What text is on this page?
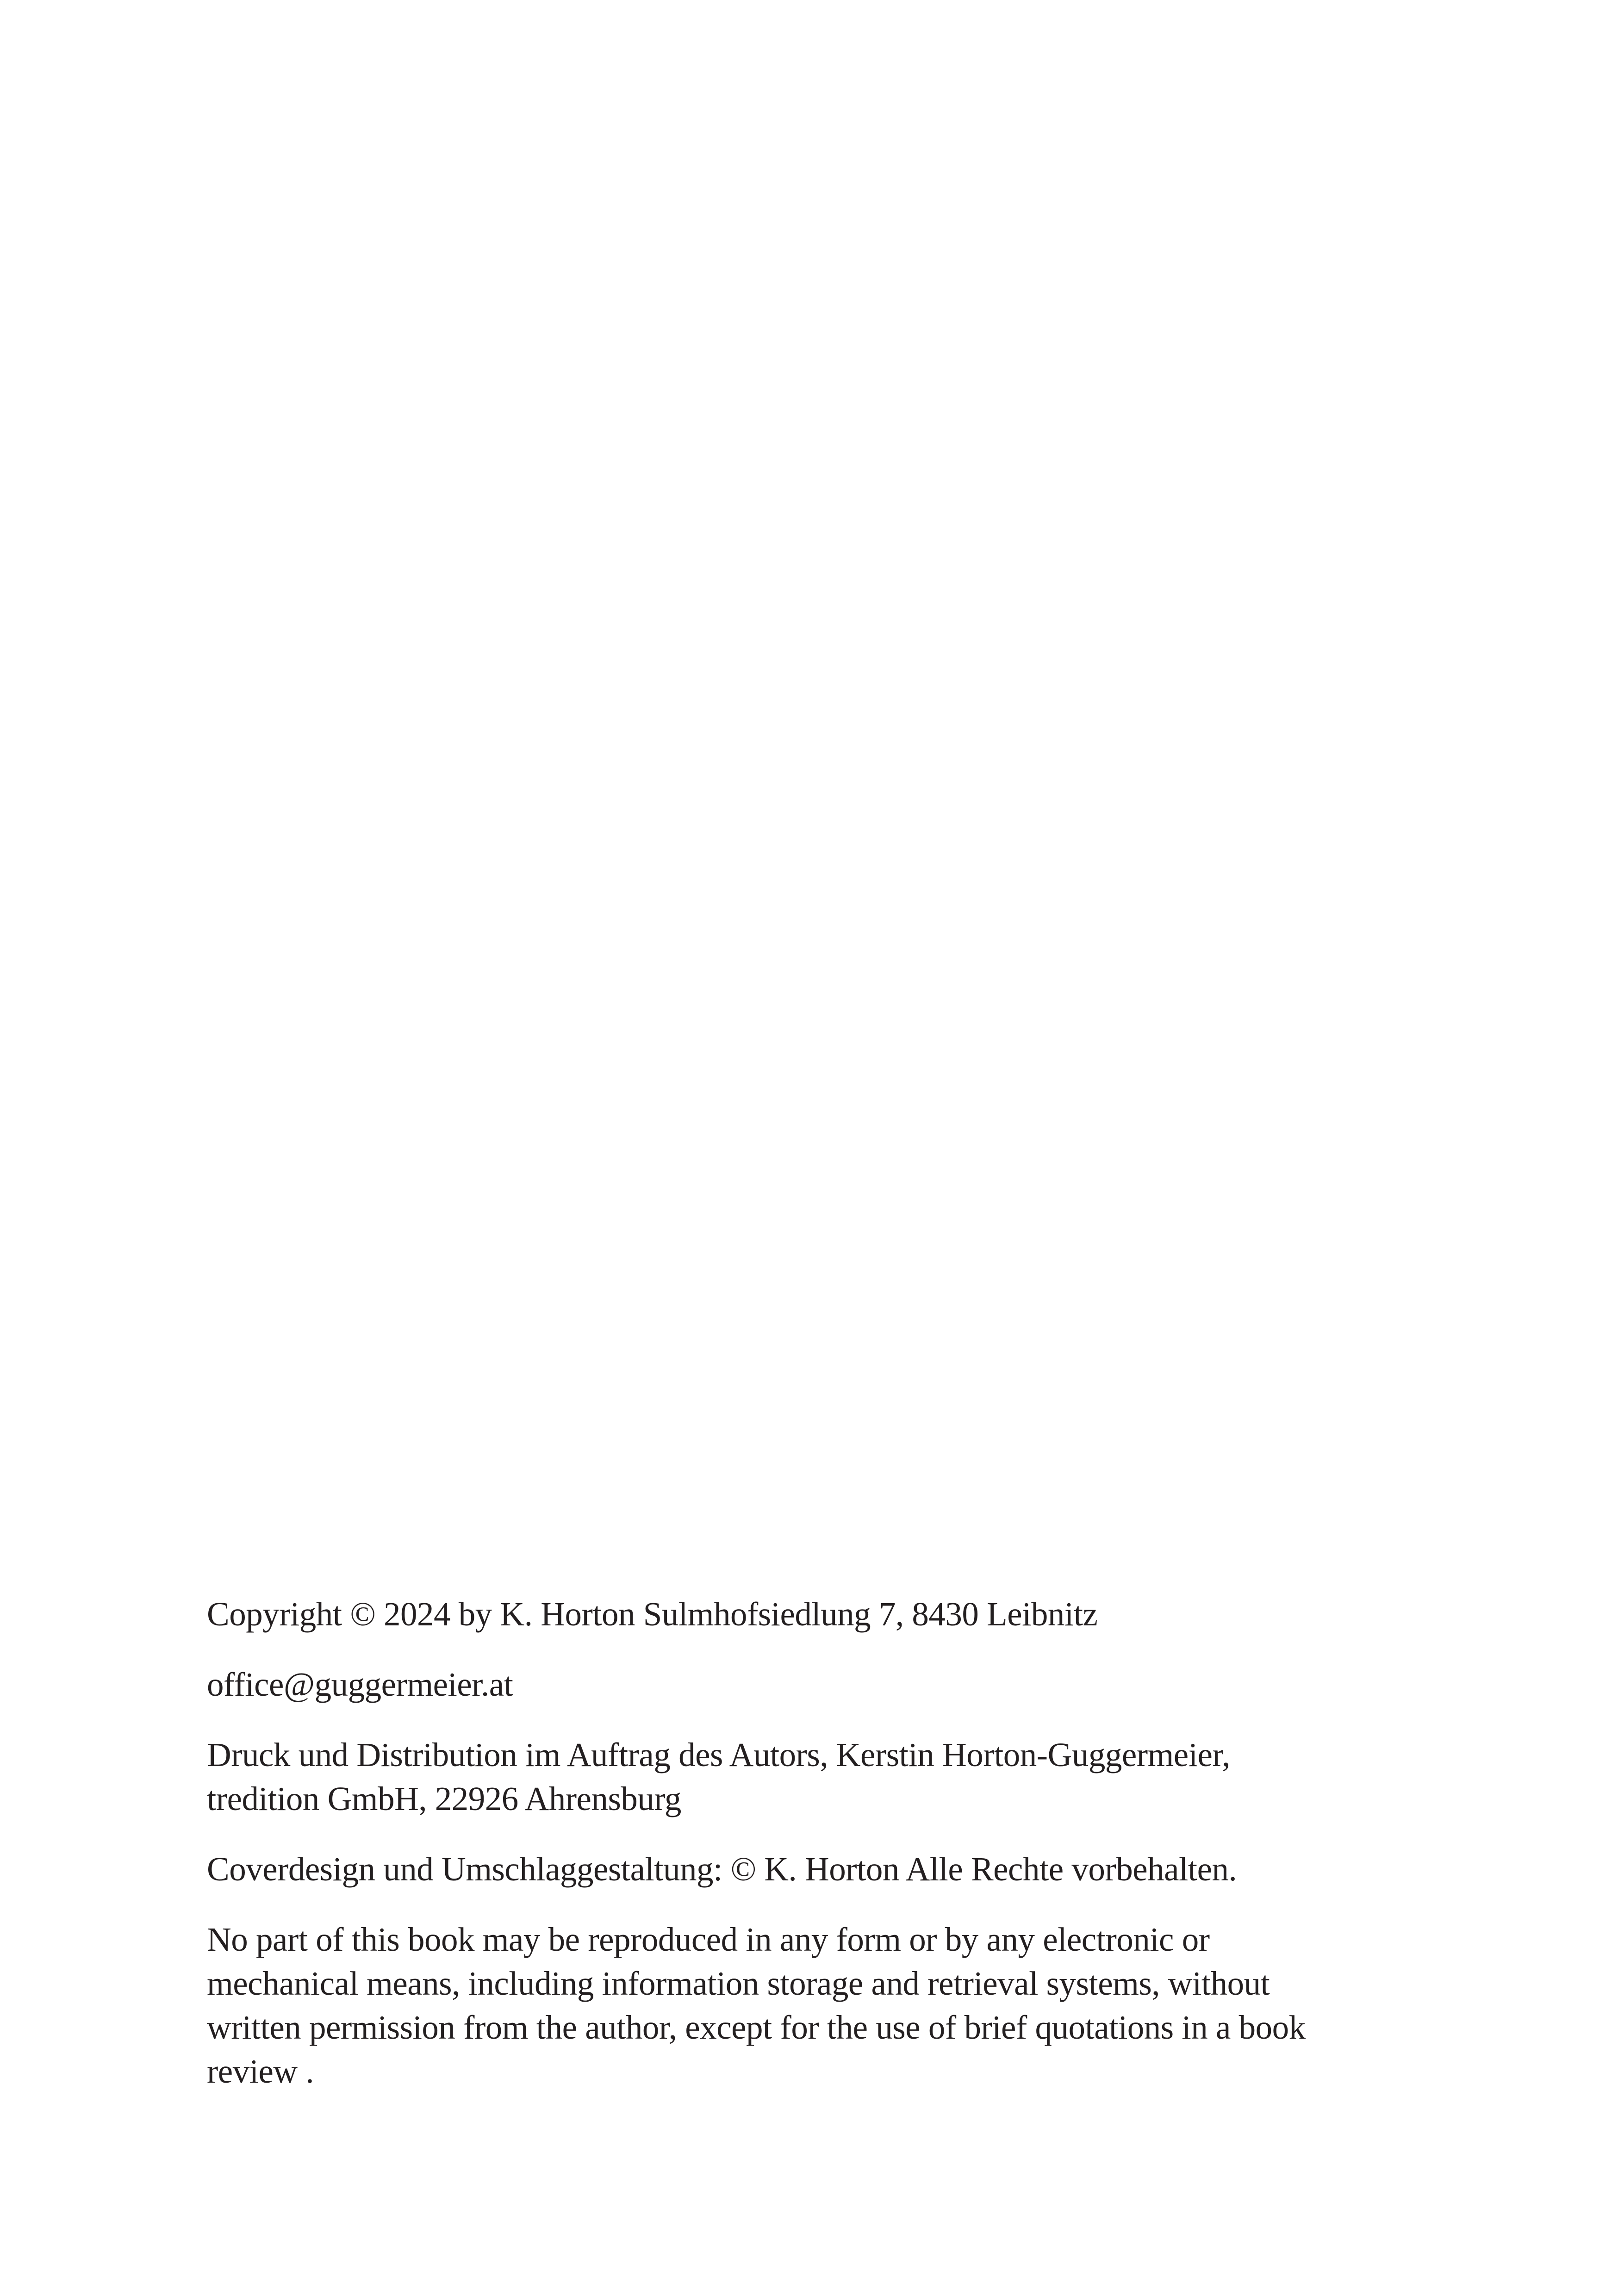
Copyright © 2024 by K. Horton Sulmhofsiedlung 7, 8430 Leibnitz

office@guggermeier.at

Druck und Distribution im Auftrag des Autors, Kerstin Horton-Guggermeier,
tredition GmbH, 22926 Ahrensburg

Coverdesign und Umschlaggestaltung: © K. Horton Alle Rechte vorbehalten.

No part of this book may be reproduced in any form or by any electronic or
mechanical means, including information storage and retrieval systems, without
written permission from the author, except for the use of brief quotations in a book
review .
